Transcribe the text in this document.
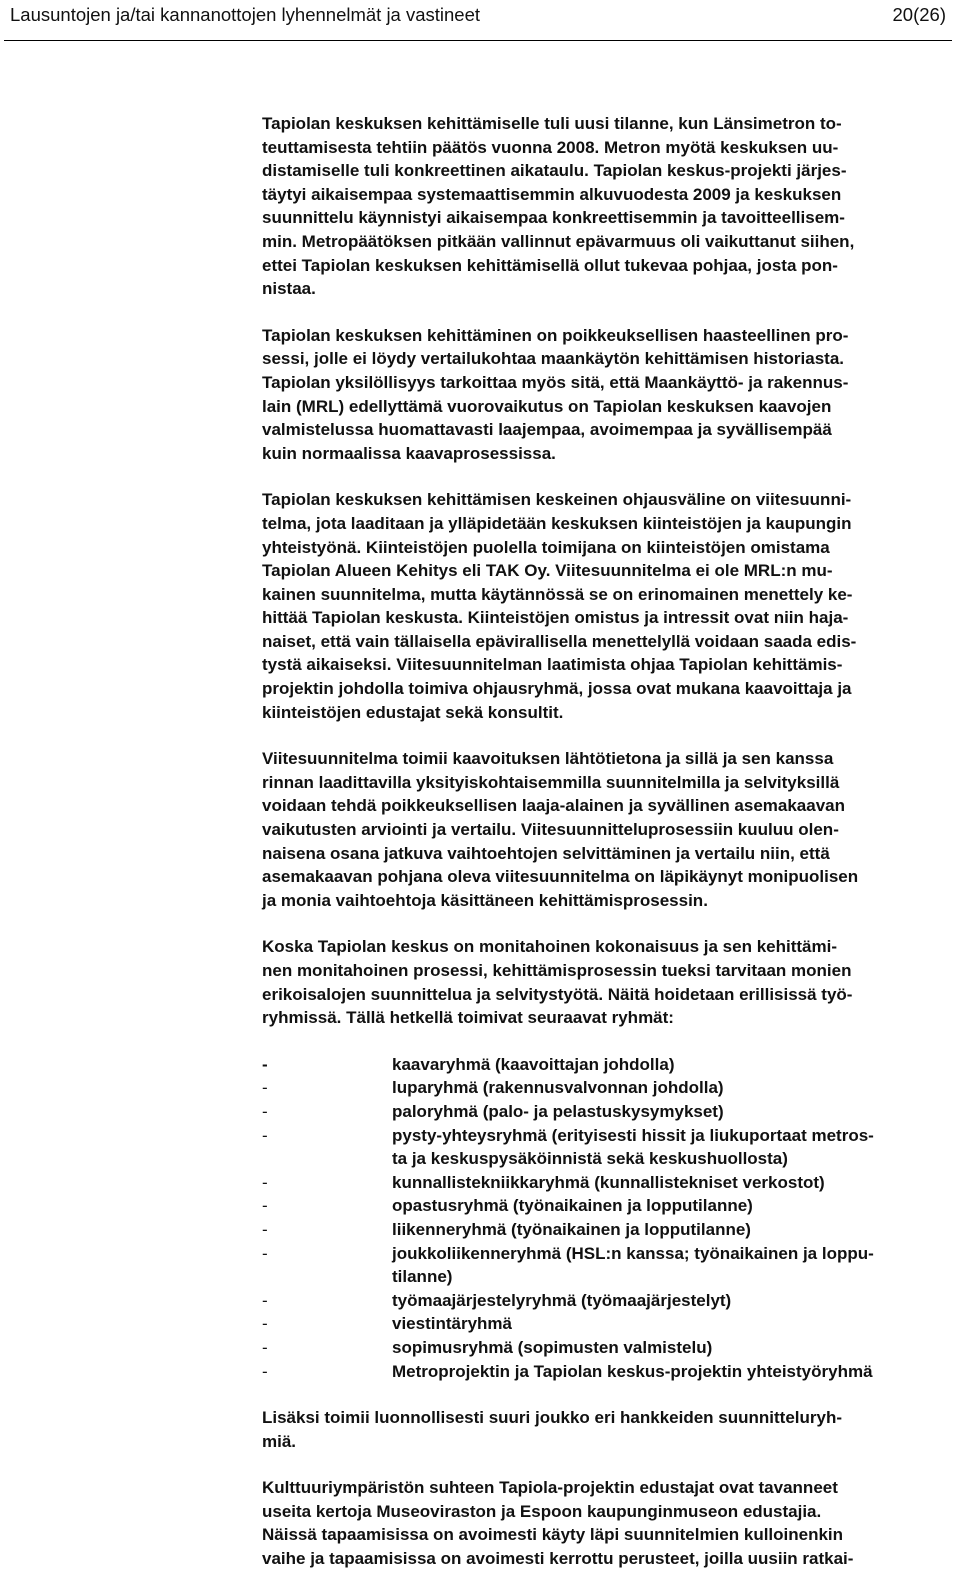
Lausuntojen ja/tai kannanottojen lyhennelmät ja vastineet	20(26)
Tapiolan keskuksen kehittämiselle tuli uusi tilanne, kun Länsimetron to-
teuttamisesta tehtiin päätös vuonna 2008. Metron myötä keskuksen uu-
distamiselle tuli konkreettinen aikataulu. Tapiolan keskus-projekti järjes-
täytyi aikaisempaa systemaattisemmin alkuvuodesta 2009 ja keskuksen
suunnittelu käynnistyi aikaisempaa konkreettisemmin ja tavoitteellisem-
min. Metropäätöksen pitkään vallinnut epävarmuus oli vaikuttanut siihen,
ettei Tapiolan keskuksen kehittämisellä ollut tukevaa pohjaa, josta pon-
nistaa.
Tapiolan keskuksen kehittäminen on poikkeuksellisen haasteellinen pro-
sessi, jolle ei löydy vertailukohtaa maankäytön kehittämisen historiasta.
Tapiolan yksilöllisyys tarkoittaa myös sitä, että Maankäyttö- ja rakennus-
lain (MRL) edellyttämä vuorovaikutus on Tapiolan keskuksen kaavojen
valmistelussa huomattavasti laajempaa, avoimempaa ja syvällisempää
kuin normaalissa kaavaprosessissa.
Tapiolan keskuksen kehittämisen keskeinen ohjausväline on viitesuunni-
telma, jota laaditaan ja ylläpidetään keskuksen kiinteistöjen ja kaupungin
yhteistyönä. Kiinteistöjen puolella toimijana on kiinteistöjen omistama
Tapiolan Alueen Kehitys eli TAK Oy. Viitesuunnitelma ei ole MRL:n mu-
kainen suunnitelma, mutta käytännössä se on erinomainen menettely ke-
hittää Tapiolan keskusta. Kiinteistöjen omistus ja intressit ovat niin haja-
naiset, että vain tällaisella epävirallisella menettelyllä voidaan saada edis-
tystä aikaiseksi. Viitesuunnitelman laatimista ohjaa Tapiolan kehittämis-
projektin johdolla toimiva ohjausryhmä, jossa ovat mukana kaavoittaja ja
kiinteistöjen edustajat sekä konsultit.
Viitesuunnitelma toimii kaavoituksen lähtötietona ja sillä ja sen kanssa
rinnan laadittavilla yksityiskohtaisemmilla suunnitelmilla ja selvityksillä
voidaan tehdä poikkeuksellisen laaja-alainen ja syvällinen asemakaavan
vaikutusten arviointi ja vertailu. Viitesuunnitteluprosessiin kuuluu olen-
naisena osana jatkuva vaihtoehtojen selvittäminen ja vertailu niin, että
asemakaavan pohjana oleva viitesuunnitelma on läpikäynyt monipuolisen
ja monia vaihtoehtoja käsittäneen kehittämisprosessin.
Koska Tapiolan keskus on monitahoinen kokonaisuus ja sen kehittämi-
nen monitahoinen prosessi, kehittämisprosessin tueksi tarvitaan monien
erikoisalojen suunnittelua ja selvitystyötä. Näitä hoidetaan erillisissä työ-
ryhmissä. Tällä hetkellä toimivat seuraavat ryhmät:
-	kaavaryhmä (kaavoittajan johdolla)
-	luparyhmä (rakennusvalvonnan johdolla)
-	paloryhmä (palo- ja pelastuskysymykset)
-	pysty-yhteysryhmä (erityisesti hissit ja liukuportaat metros-
ta ja keskuspysäköinnistä sekä keskushuollosta)
-	kunnallistekniikkaryhmä (kunnallistekniset verkostot)
-	opastusryhmä (työnaikainen ja lopputilanne)
-	liikenneryhmä (työnaikainen ja lopputilanne)
-	joukkoliikenneryhmä (HSL:n kanssa; työnaikainen ja loppu-
tilanne)
-	työmaajärjestelyryhmä (työmaajärjestelyt)
-	viestintäryhmä
-	sopimusryhmä (sopimusten valmistelu)
-	Metroprojektin ja Tapiolan keskus-projektin yhteistyöryhmä
Lisäksi toimii luonnollisesti suuri joukko eri hankkeiden suunnitteluryh-
miä.
Kulttuuriympäristön suhteen Tapiola-projektin edustajat ovat tavanneet
useita kertoja Museoviraston ja Espoon kaupunginmuseon edustajia.
Näissä tapaamisissa on avoimesti käyty läpi suunnitelmien kulloinenkin
vaihe ja tapaamisissa on avoimesti kerrottu perusteet, joilla uusiin ratkai-
